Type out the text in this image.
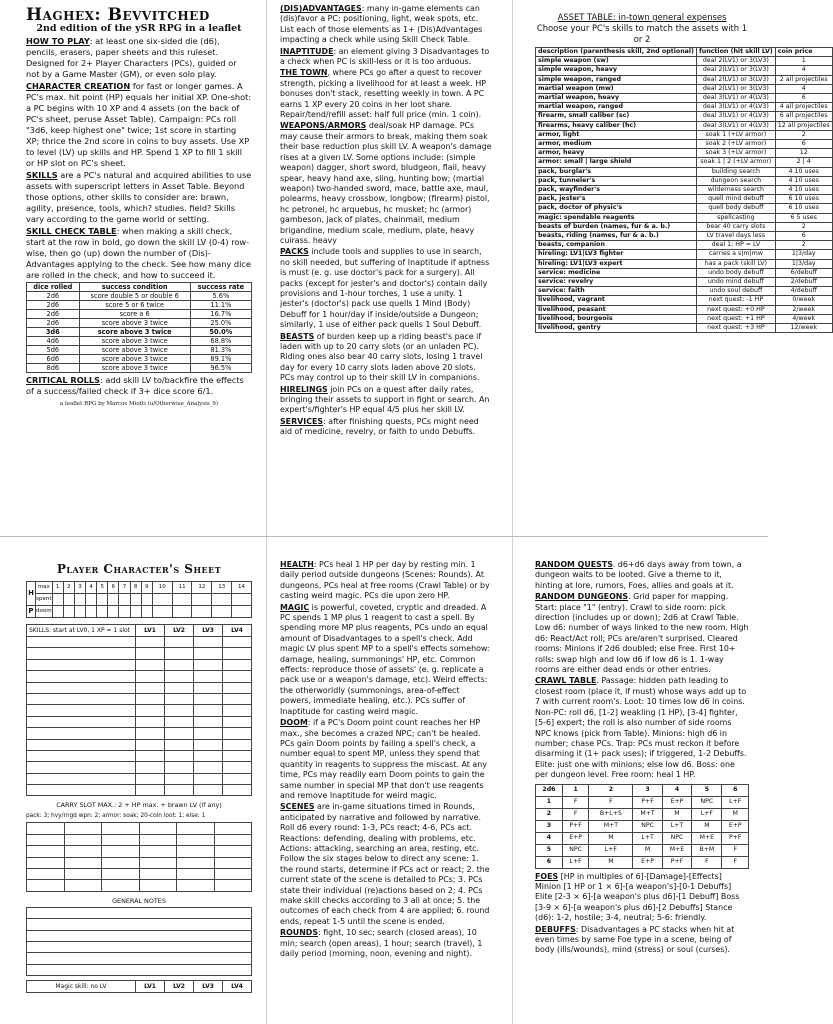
Haghex: Bevvitched
2nd edition of the ySR RPG in a leaflet

HOW TO PLAY: at least one six-sided die (d6), pencils, erasers, paper sheets and this ruleset. Designed for 2+ Player Characters (PCs), guided or not by a Game Master (GM), or even solo play.

CHARACTER CREATION for fast or longer games. A PC's max. hit point (HP) equals her initial XP. One-shot: a PC begins with 10 XP and 4 assets (on the back of PC's sheet, peruse Asset Table). Campaign: PCs roll "3d6, keep highest one" twice; 1st score in starting XP; thrice the 2nd score in coins to buy assets. Use XP to level (LV) up skills and HP. Spend 1 XP to fill 1 skill or HP slot on PC's sheet.

SKILLS are a PC's natural and acquired abilities to use assets with superscript letters in Asset Table. Beyond those options, other skills to consider are: brawn, agility, presence, tools, which? studies. field? Skills vary according to the game world or setting.

SKILL CHECK TABLE: when making a skill check, start at the row in bold, go down the skill LV (0-4) row-wise, then go (up) down the number of (Dis)-Advantages applying to the check. See how many dice are rolled in the check, and how to succeed it.

dice rolled	success condition	success rate
2d6	score double 5 or double 6	5.6%
2d6	score 5 or 6 twice	11.1%
2d6	score a 6	16.7%
2d6	score above 3 twice	25.0%
3d6	score above 3 twice	50.0%
4d6	score above 3 twice	68.8%
5d6	score above 3 twice	81.3%
6d6	score above 3 twice	89.1%
8d6	score above 3 twice	96.5%

CRITICAL ROLLS: add skill LV to/backfire the effects of a success/failed check if 3+ dice score 6/1.

a leaflet RPG by Marcos Miotti (u/Otherwise_Analysis_9)

(DIS)ADVANTAGES: many in-game elements can (dis)favor a PC: positioning, light, weak spots, etc. List each of those elements as 1+ (Dis)Advantages impacting a check while using Skill Check Table.

INAPTITUDE: an element giving 3 Disadvantages to a check when PC is skill-less or it is too arduous.

THE TOWN, where PCs go after a quest to recover strength, picking a livelihood for at least a week. HP bonuses don't stack, resetting weekly in town. A PC earns 1 XP every 20 coins in her loot share. Repair/tend/refill asset: half full price (min. 1 coin).

WEAPONS/ARMORS deal/soak HP damage. PCs may cause their armors to break, making them soak their base reduction plus skill LV. A weapon's damage rises at a given LV. Some options include: (simple weapon) dagger, short sword, bludgeon, flail, heavy spear, heavy hand axe, sling, hunting bow; (martial weapon) two-handed sword, mace, battle axe, maul, polearms, heavy crossbow, longbow; (firearm) pistol, hc petronel, hc arquebus, hc musket; hc (armor) gambeson, jack of plates, chainmail, medium brigandine, medium scale, medium, plate, heavy cuirass. heavy

PACKS include tools and supplies to use in search, no skill needed, but suffering of Inaptitude if aptness is must (e. g. use doctor's pack for a surgery). All packs (except for jester's and doctor's) contain daily provisions and 1-hour torches, 1 use a unity. 1 jester's (doctor's) pack use quells 1 Mind (Body) Debuff for 1 hour/day if inside/outside a Dungeon; similarly, 1 use of either pack quells 1 Soul Debuff.

BEASTS of burden keep up a riding beast's pace if laden with up to 20 carry slots (or an unladen PC). Riding ones also bear 40 carry slots, losing 1 travel day for every 10 carry slots laden above 20 slots. PCs may control up to their skill LV in companions.

HIRELINGS join PCs on a quest after daily rates, bringing their assets to support in fight or search. An expert's/fighter's HP equal 4/5 plus her skill LV.

SERVICES: after finishing quests, PCs might need aid of medicine, revelry, or faith to undo Debuffs.

ASSET TABLE: in-town general expenses
Choose your PC's skills to match the assets with 1 or 2
description (parenthesis skill, 2nd optional)	function (hit skill LV)	coin price
simple weapon (sw)	deal 2(LV1) or 3(LV3)	1
simple weapon, heavy	deal 2(LV1) or 3(LV3)	4
simple weapon, ranged	deal 2(LV1) or 3(LV3)	2 all projectiles
martial weapon (mw)	deal 2(LV1) or 3(LV3)	4
martial weapon, heavy	deal 3(LV1) or 4(LV3)	6
martial weapon, ranged	deal 3(LV1) or 4(LV3)	4 all projectiles
firearm, small caliber (sc)	deal 3(LV1) or 4(LV3)	6 all projectiles
firearms, heavy caliber (hc)	deal 3(LV1) or 4(LV3)	12 all projectiles
armor, light	soak 1 (+LV armor)	2
armor, medium	soak 2 (+LV armor)	6
armor, heavy	soak 3 (+LV armor)	12
armor: small | large shield	soak 1 | 2 (+LV armor)	2 | 4
pack, burglar's	building search	4 10 uses
pack, tunneler's	dungeon search	4 10 uses
pack, wayfinder's	wilderness search	4 10 uses
pack, jester's	quell mind debuff	6 10 uses
pack, doctor of physic's	quell body debuff	6 10 uses
magic: spendable reagents	spellcasting	6 5 uses
beasts of burden (names, fur & a. b.)	bear 40 carry slots	2
beasts, riding (names, fur & a. b.)	LV travel days less	6
beasts, companion	deal 1; HP = LV	2
hireling: LV1|LV3 fighter	carries a s|m|mw	1|3/day
hireling: LV1|LV3 expert	has a pack (skill LV)	1|3/day
service: medicine	undo body debuff	6/debuff
service: revelry	undo mind debuff	2/debuff
service: faith	undo soul debuff	4/debuff
livelihood, vagrant	next quest: -1 HP	0/week
livelihood, peasant	next quest: +0 HP	2/week
livelihood, bourgeois	next quest: +1 HP	4/week
livelihood, gentry	next quest: +3 HP	12/week
Player Character's Sheet
H	max	1	2	3	4	5	6	7	8	9	10	11	12	13	14
	spent														
P	doom														
SKILLS: start at LV0, 1 XP = 1 slot	LV1	LV2	LV3	LV4

CARRY SLOT MAX.: 2 + HP max. + brawn LV (if any)
pack: 3; hvy/rngd wpn: 2; armor: soak; 20-coin loot: 1; else: 1

GENERAL NOTES

Magic skill: no LV	LV1	LV2	LV3	LV4

HEALTH: PCs heal 1 HP per day by resting min. 1 daily period outside dungeons (Scenes: Rounds). At dungeons, PCs heal at free rooms (Crawl Table) or by casting weird magic. PCs die upon zero HP.

MAGIC is powerful, coveted, cryptic and dreaded. A PC spends 1 MP plus 1 reagent to cast a spell. By spending more MP plus reagents, PCs undo an equal amount of Disadvantages to a spell's check. Add magic LV plus spent MP to a spell's effects somehow: damage, healing, summonings' HP, etc. Common effects: reproduce those of assets' (e. g. replicate a pack use or a weapon's damage, etc). Weird effects: the otherworldly (summonings, area-of-effect powers, immediate healing, etc.). PCs suffer of Inaptitude for casting weird magic.

DOOM: if a PC's Doom point count reaches her HP max., she becomes a crazed NPC; can't be healed. PCs gain Doom points by failing a spell's check, a number equal to spent MP, unless they spend that quantity in reagents to suppress the miscast. At any time, PCs may readily earn Doom points to gain the same number in special MP that don't use reagents and remove Inaptitude for weird magic.

SCENES are in-game situations timed in Rounds, anticipated by narrative and followed by narrative. Roll d6 every round: 1-3, PCs react; 4-6, PCs act. Reactions: defending, dealing with problems, etc. Actions: attacking, searching an area, resting, etc. Follow the six stages below to direct any scene: 1. the round starts, determine if PCs act or react; 2. the current state of the scene is detailed to PCs; 3. PCs state their individual (re)actions based on 2; 4. PCs make skill checks according to 3 all at once; 5. the outcomes of each check from 4 are applied; 6. round ends, repeat 1-5 until the scene is ended.

ROUNDS: fight, 10 sec; search (closed areas), 10 min; search (open areas), 1 hour; search (travel), 1 daily period (morning, noon, evening and night).

RANDOM QUESTS. d6+d6 days away from town, a dungeon waits to be looted. Give a theme to it, hinting at lore, rumors, Foes, allies and goals at it.

RANDOM DUNGEONS. Grid paper for mapping. Start: place "1" (entry). Crawl to side room: pick direction (includes up or down); 2d6 at Crawl Table. Low d6: number of ways linked to the new room. High d6: React/Act roll; PCs are/aren't surprised. Cleared rooms: Minions if 2d6 doubled; else Free. First 10+ rolls: swap high and low d6 if low d6 is 1. 1-way rooms are either dead ends or other entries.

CRAWL TABLE. Passage: hidden path leading to closest room (place it, if must) whose ways add up to 7 with current room's. Loot: 10 times low d6 in coins. Non-PC: roll d6, [1-2] weakling (1 HP), [3-4] fighter, [5-6] expert; the roll is also number of side rooms NPC knows (pick from Table). Minions: high d6 in number; chase PCs. Trap: PCs must reckon it before disarming it (1+ pack uses); if triggered, 1-2 Debuffs. Elite: just one with minions; else low d6. Boss: one per dungeon level. Free room: heal 1 HP.

2d6	1	2	3	4	5	6
1	F	F	P+F	E+P	NPC	L+F
2	F	B+L+S	M+T	M	L+F	M
3	P+F	M+T	NPC	L+T	M	E+P
4	E+P	M	L+T	NPC	M+E	P+F
5	NPC	L+F	M	M+E	B+M	F
6	L+F	M	E+P	P+F	F	F

FOES [HP in multiples of 6]-[Damage]-[Effects] Minion [1 HP or 1 × 6]-[a weapon's]-[0-1 Debuffs] Elite [2-3 × 6]-[a weapon's plus d6]-[1 Debuff] Boss [3-9 × 6]-[a weapon's plus d6]-[2 Debuffs] Stance (d6): 1-2, hostile; 3-4, neutral; 5-6: friendly.

DEBUFFS: Disadvantages a PC stacks when hit at even times by same Foe type in a scene, being of body (ills/wounds), mind (stress) or soul (curses).
